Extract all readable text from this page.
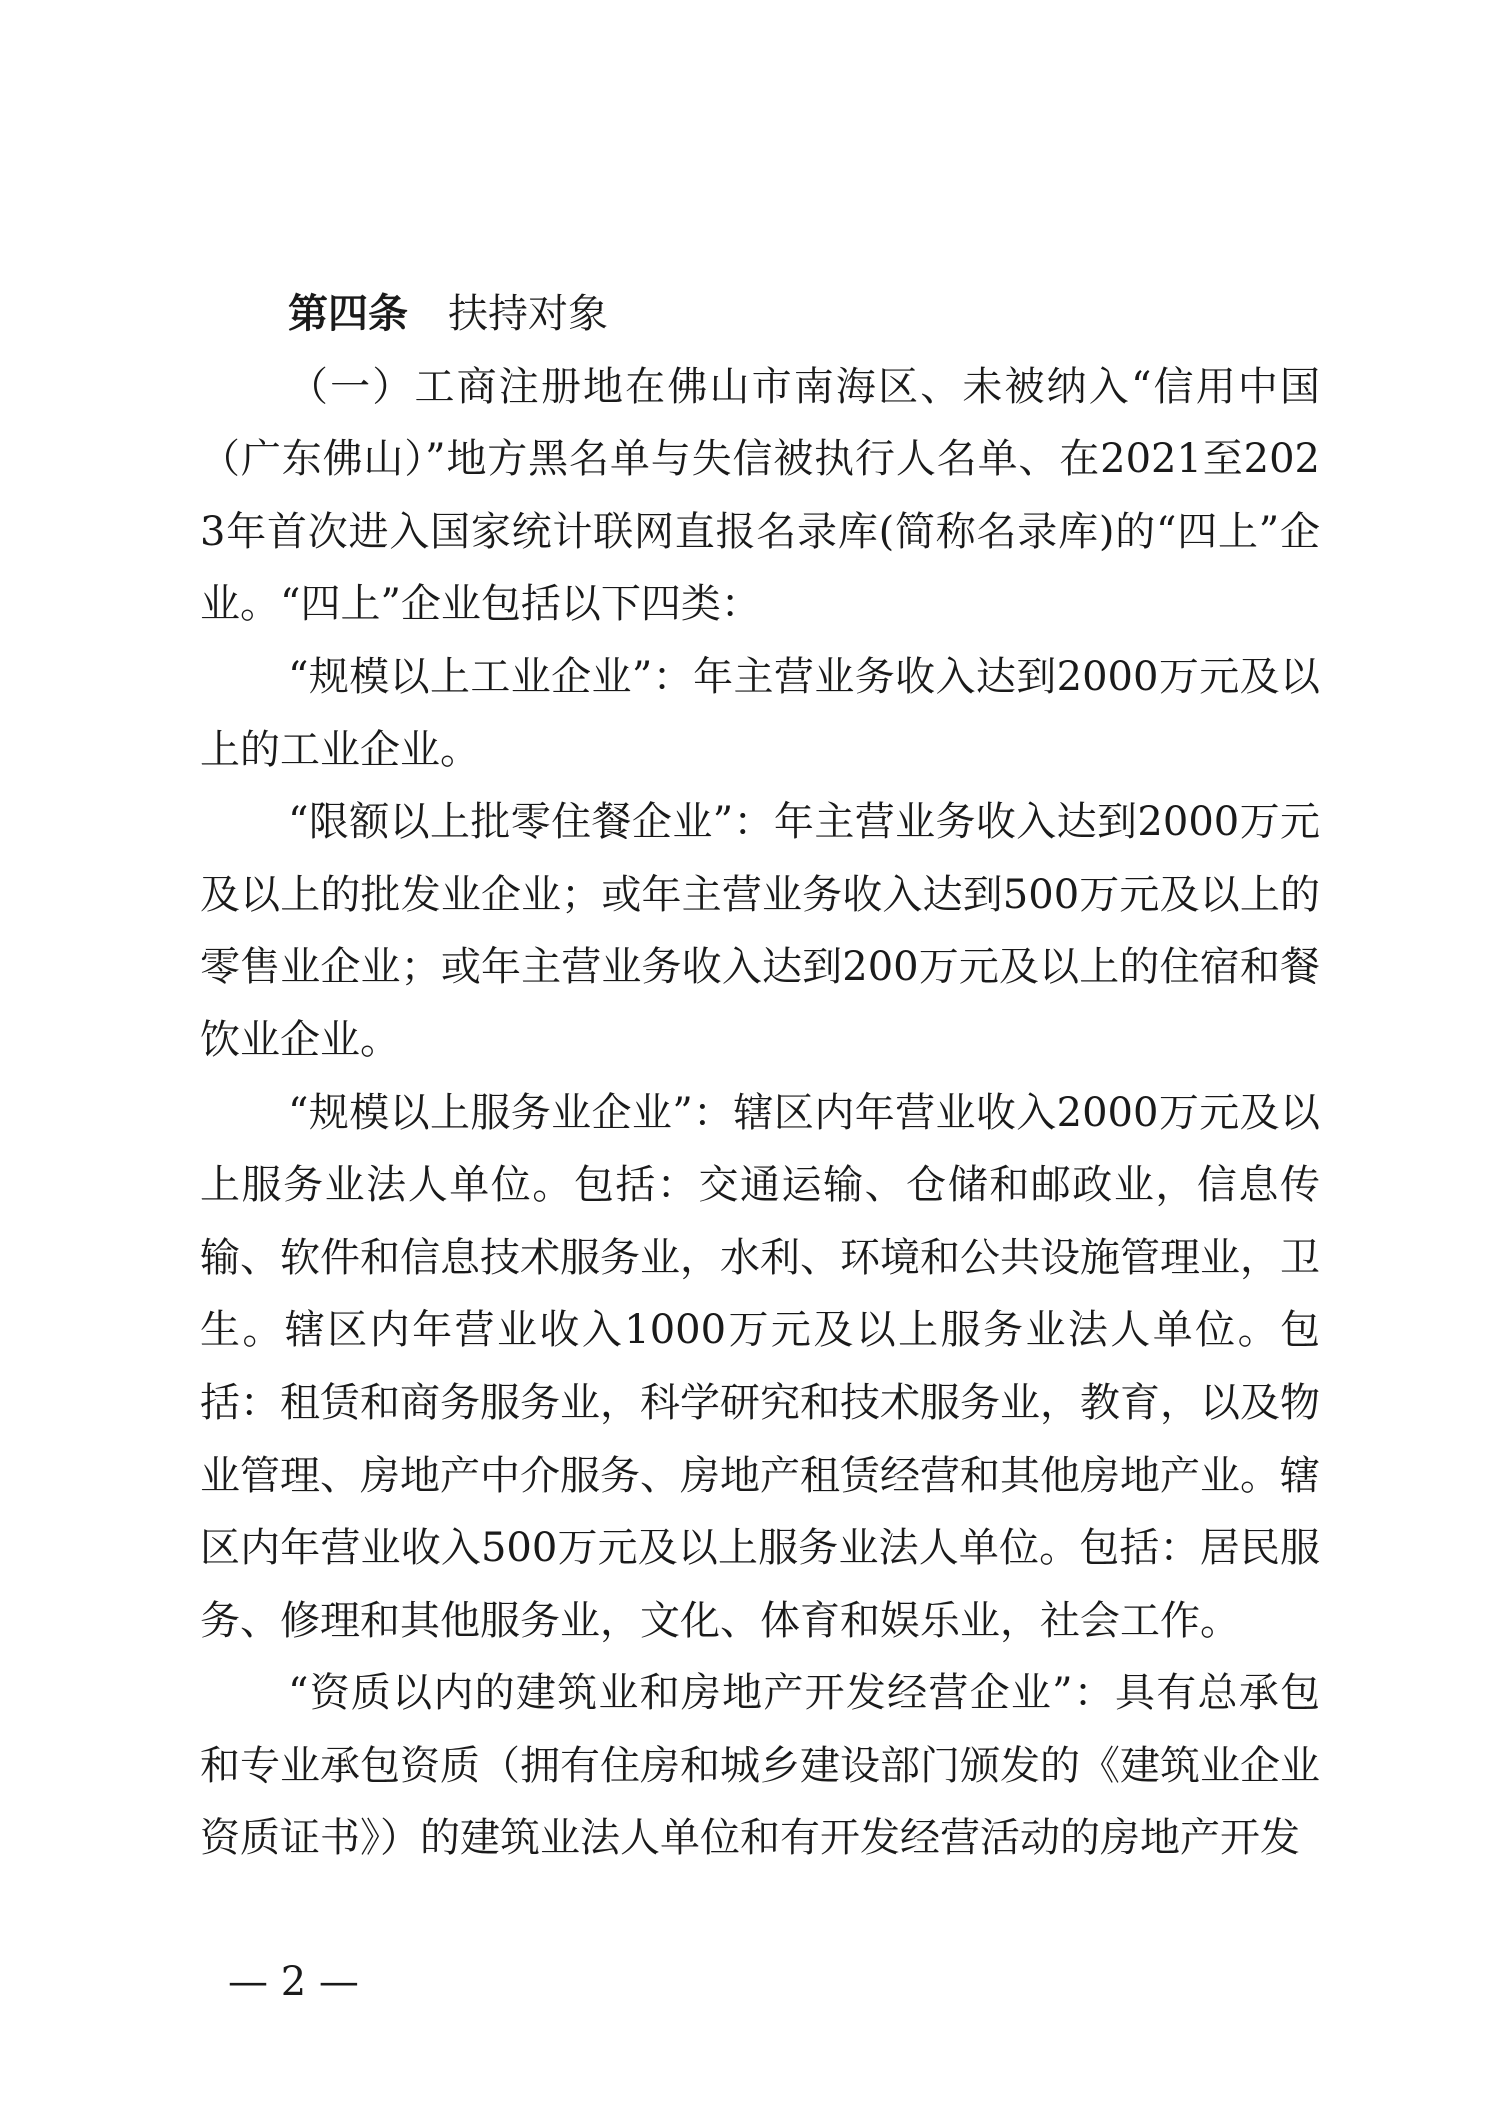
第四条 扶持对象

（一）工商注册地在佛山市南海区、未被纳入“信用中国（广东佛山）”地方黑名单与失信被执行人名单、在2021至2023年首次进入国家统计联网直报名录库(简称名录库)的“四上”企业。“四上”企业包括以下四类：

“规模以上工业企业”：年主营业务收入达到2000万元及以上的工业企业。

“限额以上批零住餐企业”：年主营业务收入达到2000万元及以上的批发业企业；或年主营业务收入达到500万元及以上的零售业企业；或年主营业务收入达到200万元及以上的住宿和餐饮业企业。

“规模以上服务业企业”：辖区内年营业收入2000万元及以上服务业法人单位。包括：交通运输、仓储和邮政业，信息传输、软件和信息技术服务业，水利、环境和公共设施管理业，卫生。辖区内年营业收入1000万元及以上服务业法人单位。包括：租赁和商务服务业，科学研究和技术服务业，教育，以及物业管理、房地产中介服务、房地产租赁经营和其他房地产业。辖区内年营业收入500万元及以上服务业法人单位。包括：居民服务、修理和其他服务业，文化、体育和娱乐业，社会工作。

“资质以内的建筑业和房地产开发经营企业”：具有总承包和专业承包资质（拥有住房和城乡建设部门颁发的《建筑业企业资质证书》）的建筑业法人单位和有开发经营活动的房地产开发

— 2 —
